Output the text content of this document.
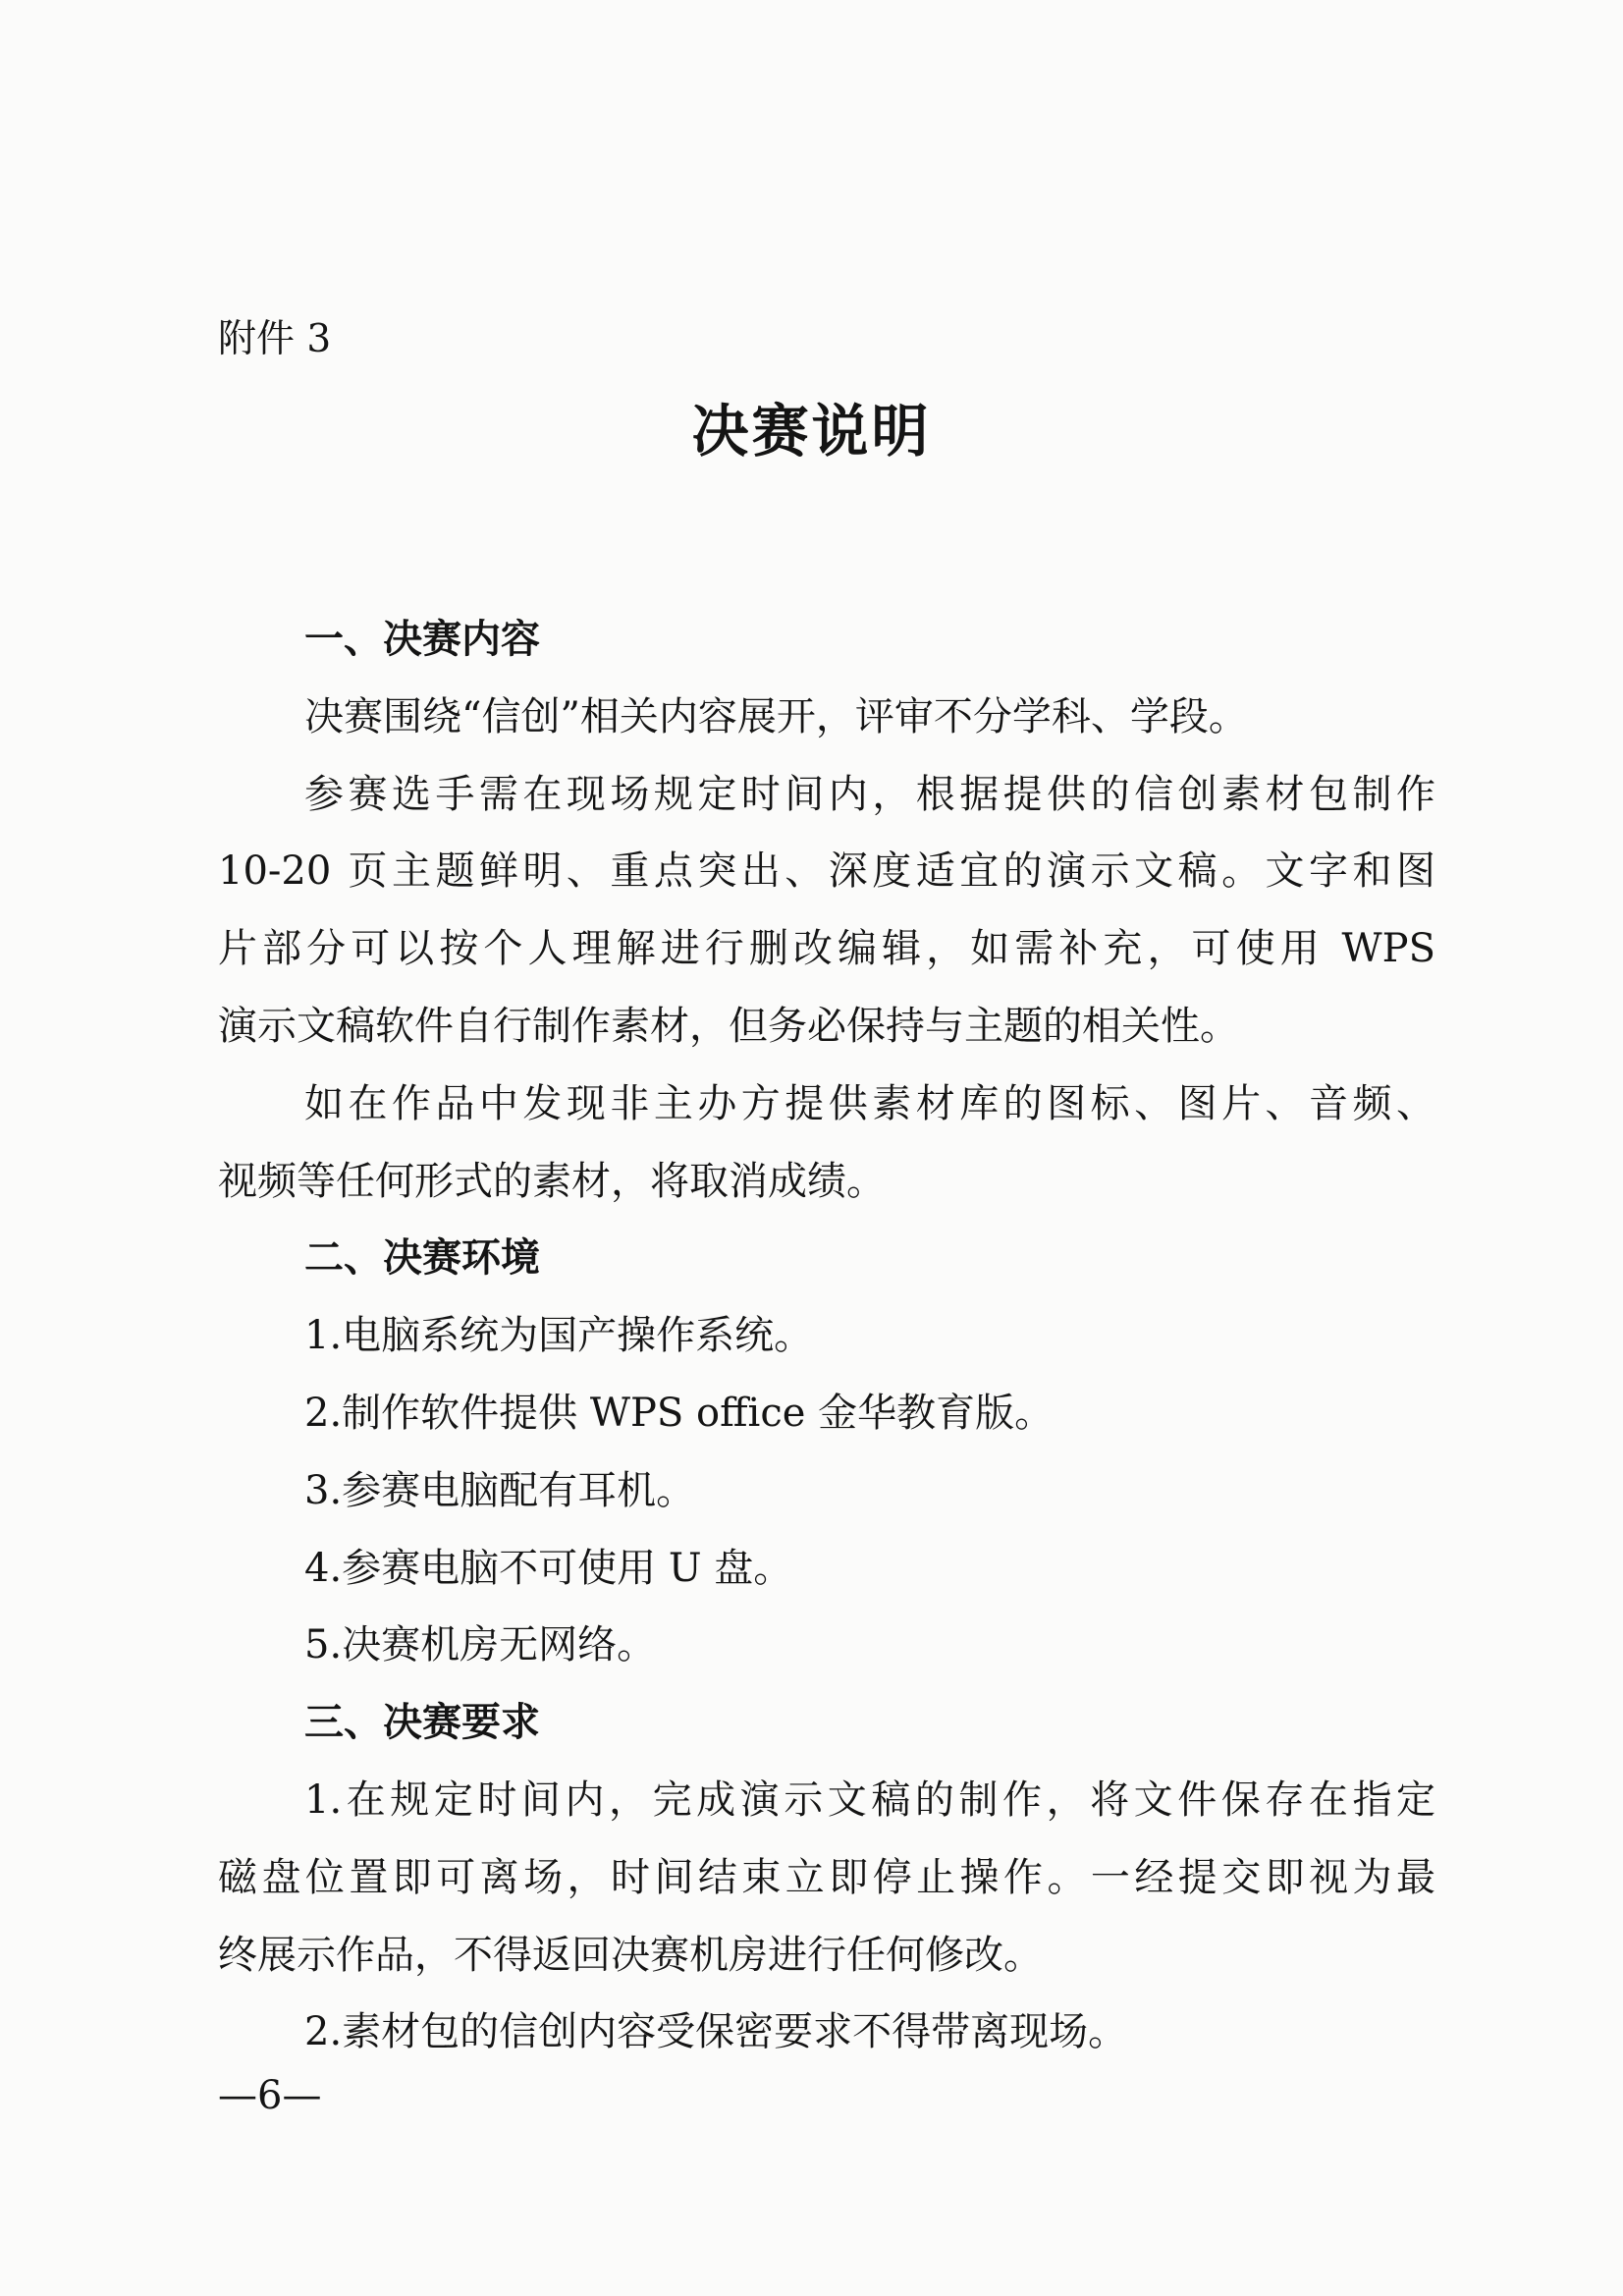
附件 3
决赛说明
一、决赛内容
决赛围绕“信创”相关内容展开，评审不分学科、学段。
参赛选手需在现场规定时间内，根据提供的信创素材包制作
10-20 页主题鲜明、重点突出、深度适宜的演示文稿。文字和图
片部分可以按个人理解进行删改编辑，如需补充，可使用 WPS
演示文稿软件自行制作素材，但务必保持与主题的相关性。
如在作品中发现非主办方提供素材库的图标、图片、音频、
视频等任何形式的素材，将取消成绩。
二、决赛环境
1.电脑系统为国产操作系统。
2.制作软件提供 WPS office 金华教育版。
3.参赛电脑配有耳机。
4.参赛电脑不可使用 U 盘。
5.决赛机房无网络。
三、决赛要求
1.在规定时间内，完成演示文稿的制作，将文件保存在指定
磁盘位置即可离场，时间结束立即停止操作。一经提交即视为最
终展示作品，不得返回决赛机房进行任何修改。
2.素材包的信创内容受保密要求不得带离现场。
—6—
